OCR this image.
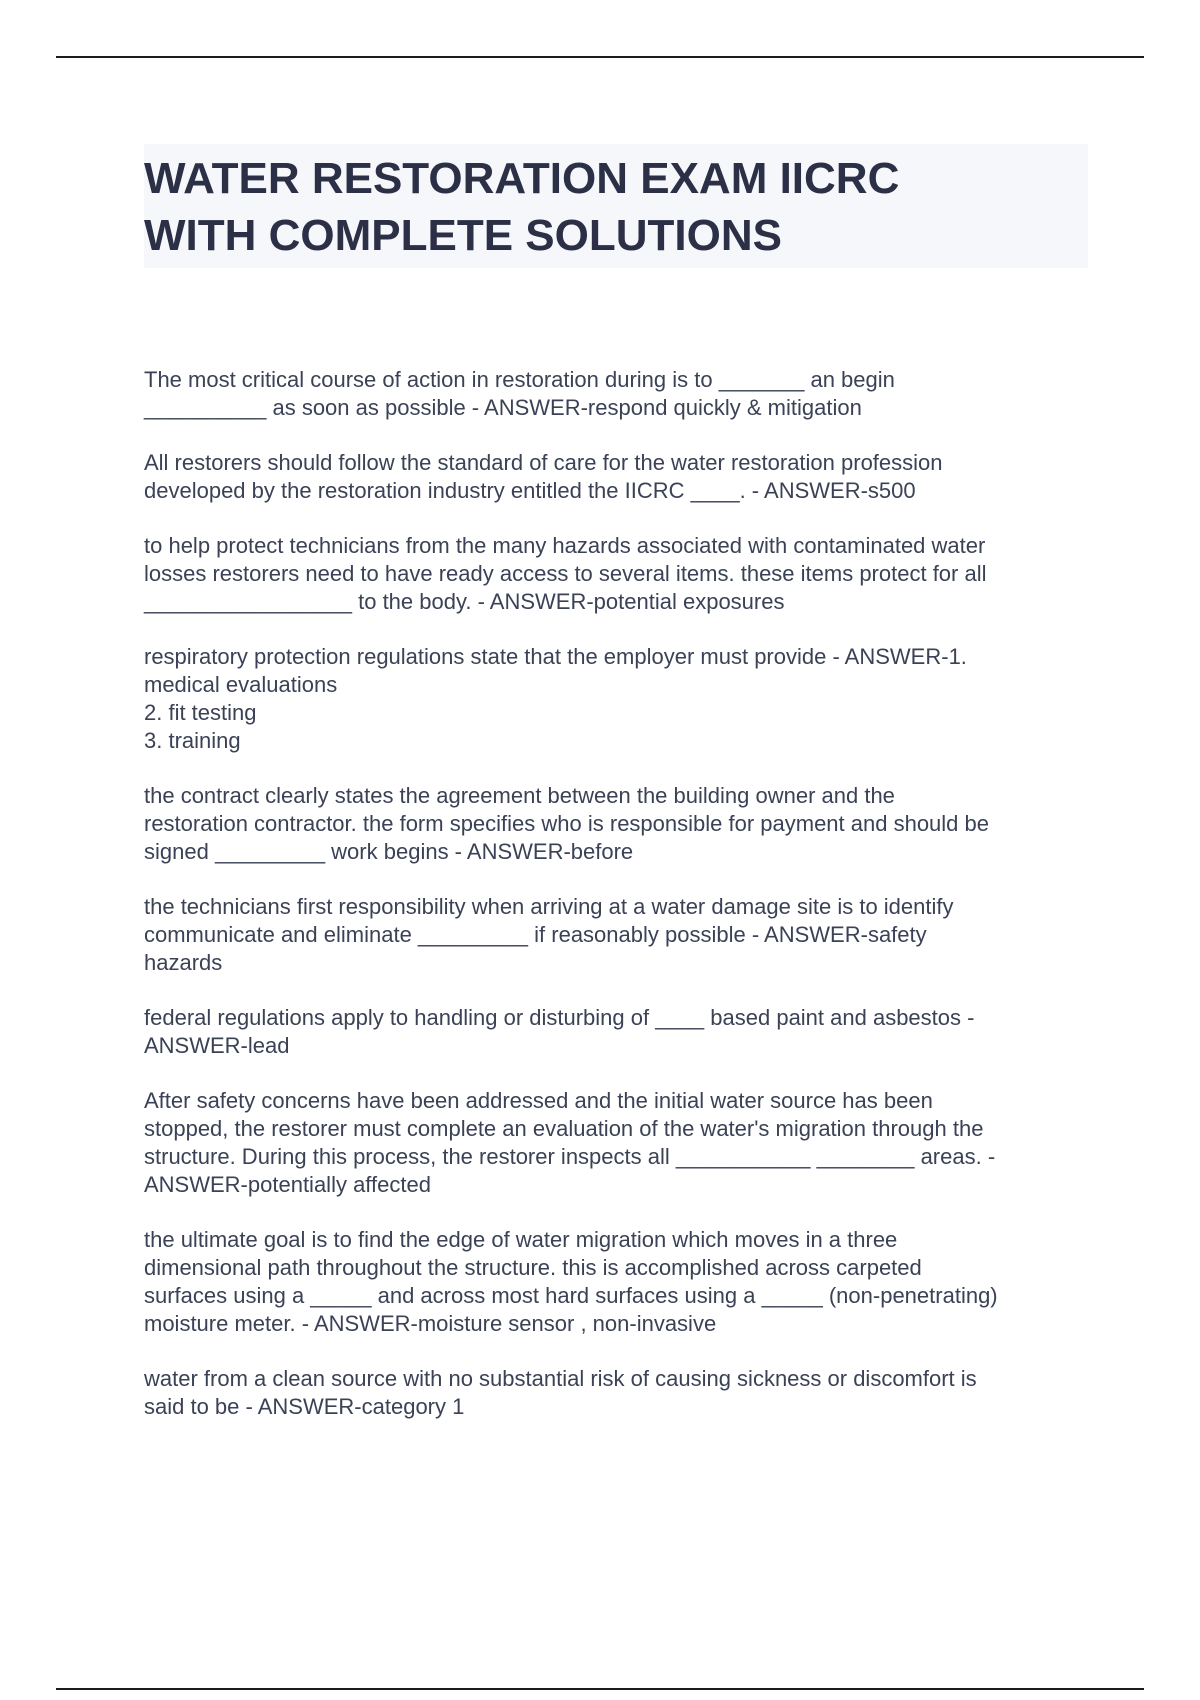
WATER RESTORATION EXAM IICRC
WITH COMPLETE SOLUTIONS
The most critical course of action in restoration during is to _______ an begin
__________ as soon as possible - ANSWER-respond quickly & mitigation
All restorers should follow the standard of care for the water restoration profession
developed by the restoration industry entitled the IICRC ____. - ANSWER-s500
to help protect technicians from the many hazards associated with contaminated water
losses restorers need to have ready access to several items. these items protect for all
_________________ to the body. - ANSWER-potential exposures
respiratory protection regulations state that the employer must provide - ANSWER-1.
medical evaluations
2. fit testing
3. training
the contract clearly states the agreement between the building owner and the
restoration contractor. the form specifies who is responsible for payment and should be
signed _________ work begins - ANSWER-before
the technicians first responsibility when arriving at a water damage site is to identify
communicate and eliminate _________ if reasonably possible - ANSWER-safety
hazards
federal regulations apply to handling or disturbing of ____ based paint and asbestos -
ANSWER-lead
After safety concerns have been addressed and the initial water source has been
stopped, the restorer must complete an evaluation of the water's migration through the
structure. During this process, the restorer inspects all ___________ ________ areas. -
ANSWER-potentially affected
the ultimate goal is to find the edge of water migration which moves in a three
dimensional path throughout the structure. this is accomplished across carpeted
surfaces using a _____ and across most hard surfaces using a _____ (non-penetrating)
moisture meter. - ANSWER-moisture sensor , non-invasive
water from a clean source with no substantial risk of causing sickness or discomfort is
said to be - ANSWER-category 1
